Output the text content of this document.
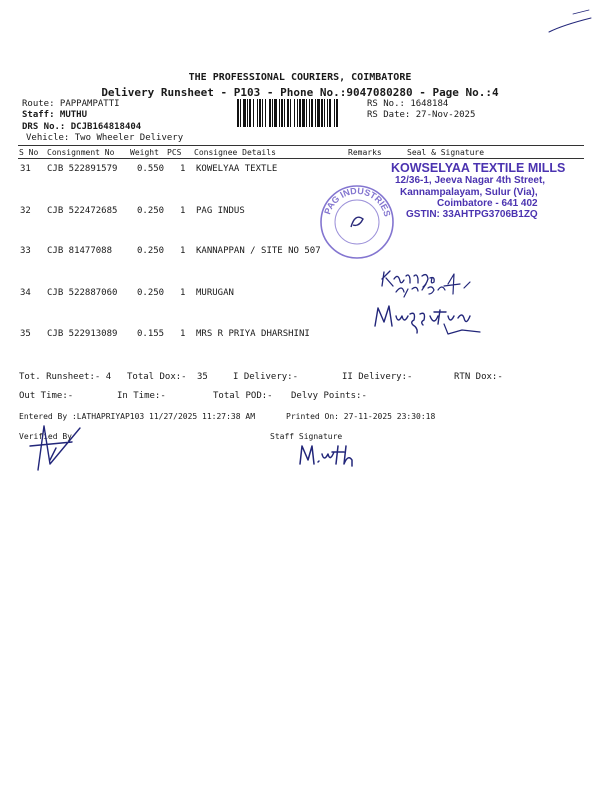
THE PROFESSIONAL COURIERS, COIMBATORE
Delivery Runsheet - P103 - Phone No.:9047080280 - Page No.:4
Route: PAPPAMPATTI
Staff: MUTHU
DRS No.: DCJB164818404
Vehicle: Two Wheeler Delivery
RS No.: 1648184
RS Date: 27-Nov-2025
S No Consignment No Weight PCS Consignee Details	Remarks	Seal & Signature
31 CJB 522891579 0.550 1 KOWELYAA TEXTLE
32 CJB 522472685 0.250 1 PAG INDUS
33 CJB 81477088	0.250 1 KANNAPPAN / SITE NO 507
34 CJB 522887060 0.250 1 MURUGAN
35 CJB 522913089 0.155 1 MRS R PRIYA DHARSHINI
PAG INDUSTRIES
KOWSELYAA TEXTILE MILLS
12/36-1, Jeeva Nagar 4th Street,
Kannampalayam, Sulur (Via),
Coimbatore - 641 402
GSTIN: 33AHTPG3706B1ZQ
Tot. Runsheet:- 4 Total Dox:- 35	I Delivery:-	II Delivery:-	RTN Dox:-
Out Time:-	In Time:-	Total POD:- Delvy Points:-
Entered By :LATHAPRIYAP103 11/27/2025 11:27:38 AM	Printed On: 27-11-2025 23:30:18
Verified By	Staff Signature
